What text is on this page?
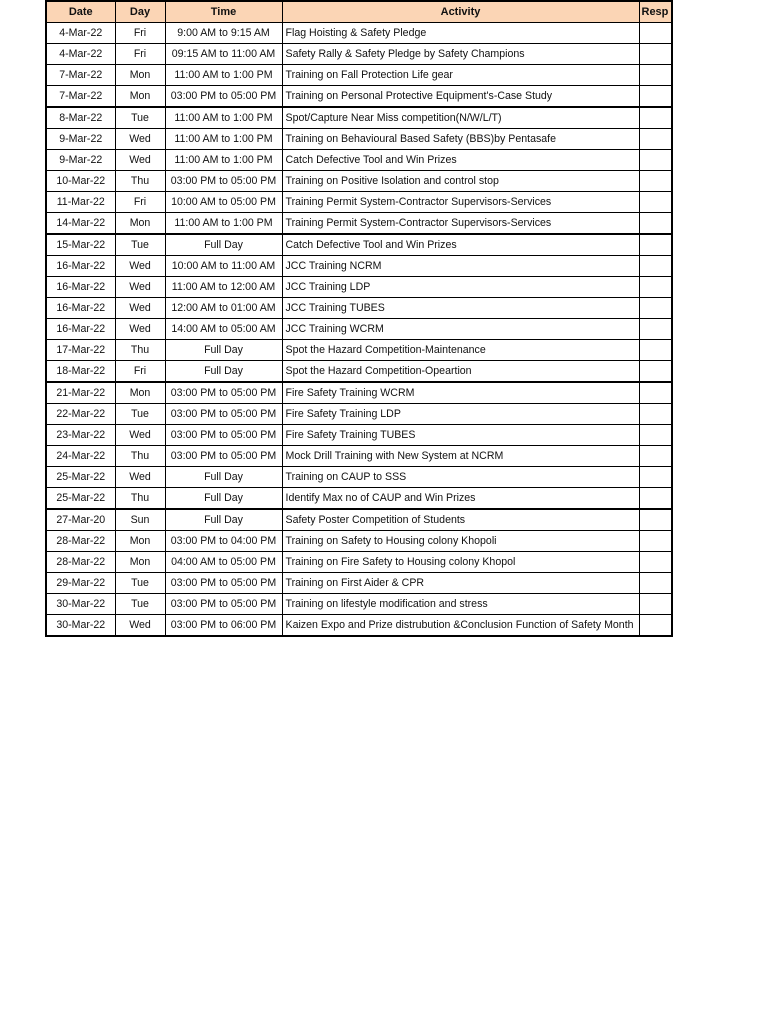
Date	Day	Time	Activity	Resp
4-Mar-22	Fri	9:00 AM to 9:15 AM	Flag Hoisting & Safety Pledge	
4-Mar-22	Fri	09:15 AM to 11:00 AM	Safety Rally & Safety Pledge by Safety Champions	
7-Mar-22	Mon	11:00 AM to 1:00 PM	Training on Fall Protection Life gear	
7-Mar-22	Mon	03:00 PM to 05:00 PM	Training on Personal Protective Equipment's-Case Study	
8-Mar-22	Tue	11:00 AM to 1:00 PM	Spot/Capture Near Miss competition(N/W/L/T)	
9-Mar-22	Wed	11:00 AM to 1:00 PM	Training on Behavioural Based Safety (BBS)by Pentasafe	
9-Mar-22	Wed	11:00 AM to 1:00 PM	Catch Defective Tool and Win Prizes	
10-Mar-22	Thu	03:00 PM to 05:00 PM	Training on Positive Isolation and control stop	
11-Mar-22	Fri	10:00 AM to 05:00 PM	Training Permit System-Contractor Supervisors-Services	
14-Mar-22	Mon	11:00 AM to 1:00 PM	Training Permit System-Contractor Supervisors-Services	
15-Mar-22	Tue	Full Day	Catch Defective Tool and Win Prizes	
16-Mar-22	Wed	10:00 AM to 11:00 AM	JCC Training NCRM	
16-Mar-22	Wed	11:00 AM to 12:00 AM	JCC Training LDP	
16-Mar-22	Wed	12:00 AM to 01:00 AM	JCC Training TUBES	
16-Mar-22	Wed	14:00 AM to 05:00 AM	JCC Training WCRM	
17-Mar-22	Thu	Full Day	Spot the Hazard Competition-Maintenance	
18-Mar-22	Fri	Full Day	Spot the Hazard Competition-Opeartion	
21-Mar-22	Mon	03:00 PM to 05:00 PM	Fire Safety Training WCRM	
22-Mar-22	Tue	03:00 PM to 05:00 PM	Fire Safety Training LDP	
23-Mar-22	Wed	03:00 PM to 05:00 PM	Fire Safety Training TUBES	
24-Mar-22	Thu	03:00 PM to 05:00 PM	Mock Drill Training with New System at NCRM	
25-Mar-22	Wed	Full Day	Training on CAUP to SSS	
25-Mar-22	Thu	Full Day	Identify Max no of CAUP and Win Prizes	
27-Mar-20	Sun	Full Day	Safety Poster Competition of Students	
28-Mar-22	Mon	03:00 PM to 04:00 PM	Training on Safety to Housing colony Khopoli	
28-Mar-22	Mon	04:00 AM to 05:00 PM	Training on Fire Safety to Housing colony Khopol	
29-Mar-22	Tue	03:00 PM to 05:00 PM	Training on First Aider & CPR	
30-Mar-22	Tue	03:00 PM to 05:00 PM	Training on lifestyle modification and stress	
30-Mar-22	Wed	03:00 PM to 06:00 PM	Kaizen Expo and Prize distrubution &Conclusion Function of Safety Month	
